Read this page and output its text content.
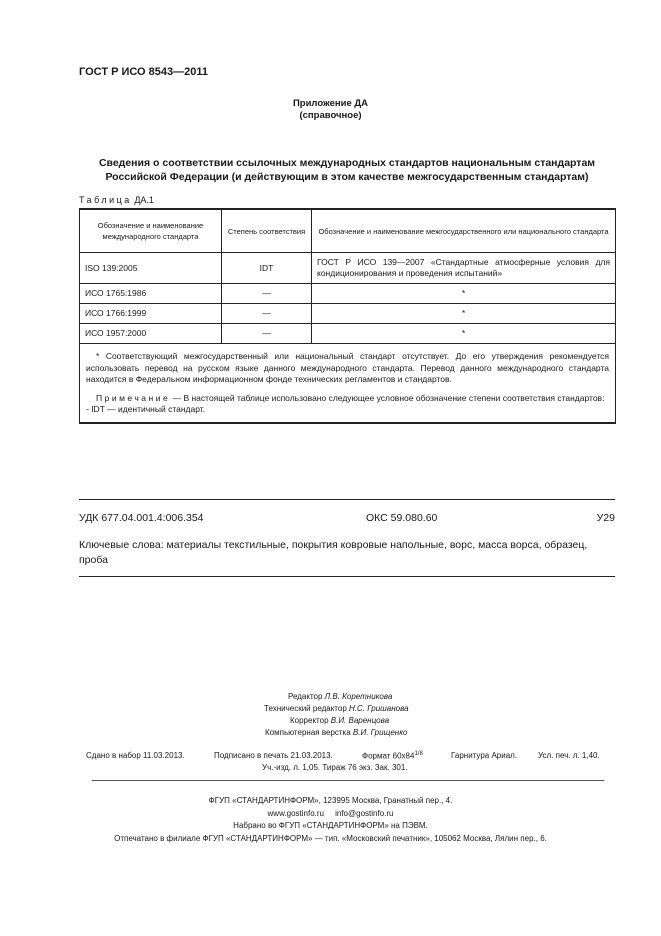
ГОСТ Р ИСО 8543—2011
Приложение ДА
(справочное)
Сведения о соответствии ссылочных международных стандартов национальным стандартам
Российской Федерации (и действующим в этом качестве межгосударственным стандартам)
Таблица ДА.1
Обозначение и наименование международного стандарта	Степень соответствия	Обозначение и наименование межгосударственного или национального стандарта
ISO 139:2005	IDT	ГОСТ Р ИСО 139—2007 «Стандартные атмосферные условия для кондиционирования и проведения испытаний»
ИСО 1765:1986	—	*
ИСО 1766:1999	—	*
ИСО 1957:2000	—	*

* Соответствующий межгосударственный или национальный стандарт отсутствует. До его утверждения рекомендуется использовать перевод на русском языке данного международного стандарта. Перевод данного международного стандарта находится в Федеральном информационном фонде технических регламентов и стандартов.
Примечание — В настоящей таблице использовано следующее условное обозначение степени соответствия стандартов:
- IDT — идентичный стандарт.		
УДК 677.04.001.4:006.354	ОКС 59.080.60	У29
Ключевые слова: материалы текстильные, покрытия ковровые напольные, ворс, масса ворса, образец, проба
Редактор Л.В. Коретникова
Технический редактор Н.С. Гришанова
Корректор В.И. Варенцова
Компьютерная верстка В.И. Грищенко
Сдано в набор 11.03.2013.	Подписано в печать 21.03.2013.	Формат $60х84^{1/8}$	Гарнитура Ариал.	Усл. печ. л. 1,40.
Уч.-изд. л. 1,05. Тираж 76 экз. Зак. 301.
ФГУП «СТАНДАРТИНФОРМ», 123995 Москва, Гранатный пер., 4.
www.gostinfo.ru info@gostinfo.ru
Набрано во ФГУП «СТАНДАРТИНФОРМ» на ПЭВМ.
Отпечатано в филиале ФГУП «СТАНДАРТИНФОРМ» — тип. «Московский печатник», 105062 Москва, Лялин пер., 6.
